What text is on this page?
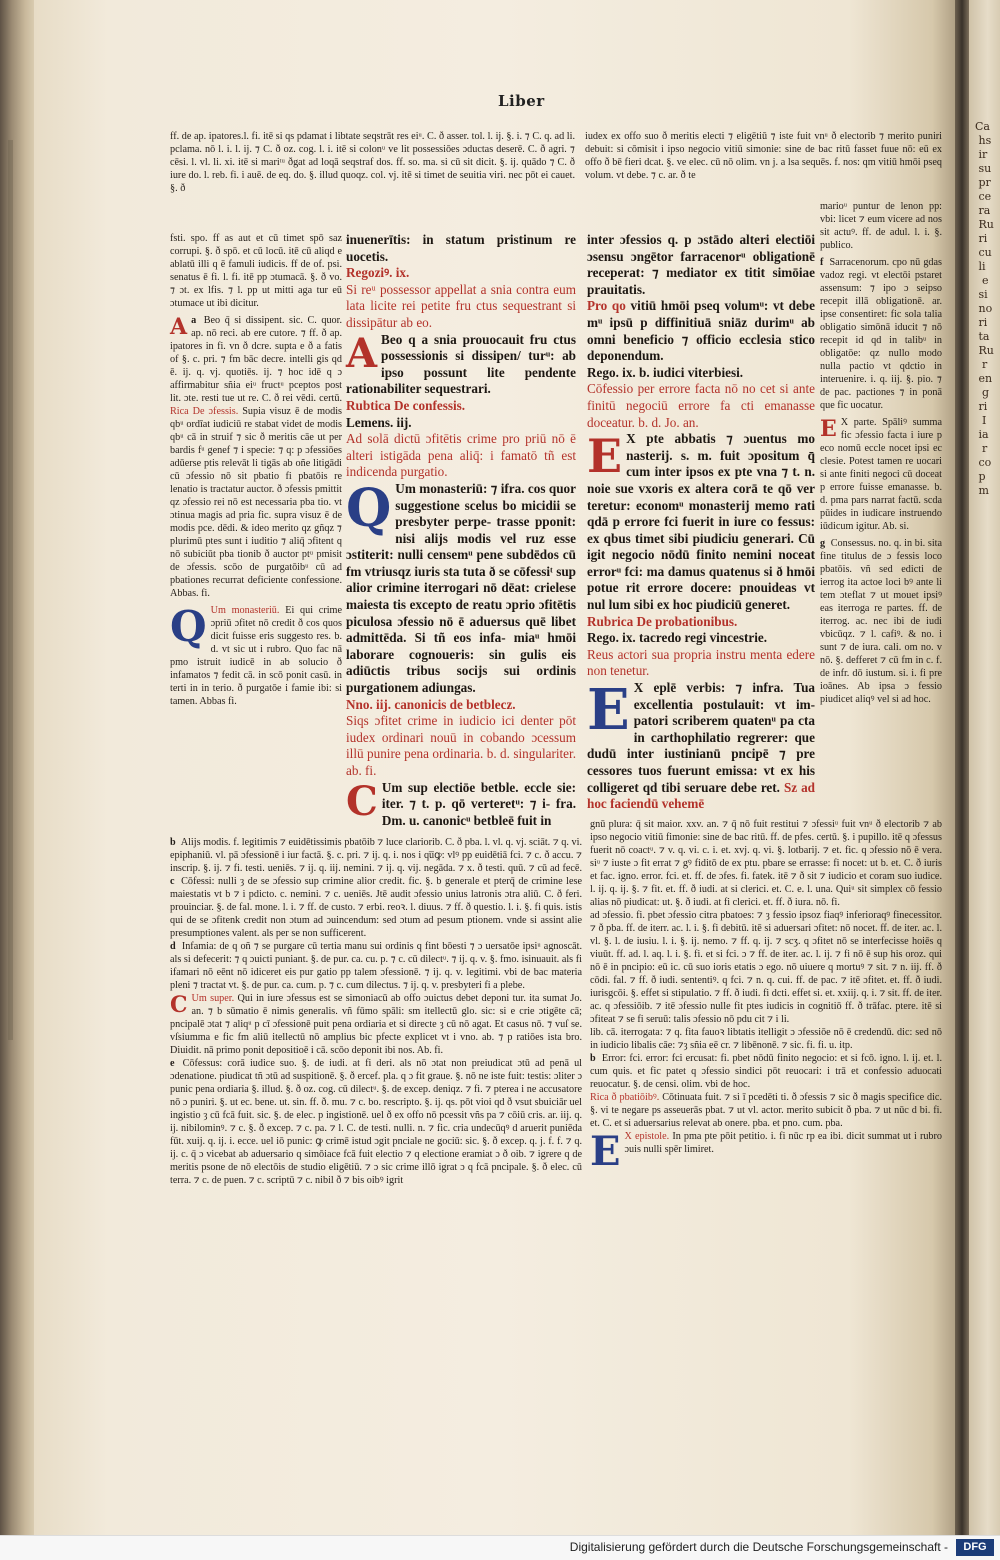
Ca
hs
ir
su
pr
ce
ra
Ru
ri
cu
li
e
si
no
ri
ta
Ru
r
en
g
ri
I
ia
r
co
p
m
Liber
ff. de ap. ipatores.l. fi. itē si qs pdamat i libtate seqstrāt res eiᵘ. C. ð asser. tol. l. ij. §. i. ⁊ C. q. ad li. pclama. nō l. i. l. ij. ⁊ C. ð oz. cog. l. i. itē si colonᵘ ve lit possessiōes ɔductas deserē. C. ð agri. ⁊ cēsi. l. vl. li. xi. itē si mariᵗᵘ ðgat ad loqā seqstraf dos. ff. so. ma. si cū sit dicit. §. ij. quādo ⁊ C. ð iure do. l. reb. fi. i auē. de eq. do. §. illud quoqz. col. vj. itē si timet de seuitia viri. nec pōt ei cauet. §. ð
fsti. spo. ff as aut et cū timet spō saz corrupi. §. ð spō. et cū locū. itē cū aliqd e ablatū illi q ē famuli iudicis. ff de of. psi. senatus ē fi. l. fi. itē pp ɔtumacā. §. ð vo. ⁊ ɔt. ex lfis. ⁊ l. pp ut mitti aga tur eū ɔtumace ut ibi dicitur.
a
A Beo q̄ si dissipent. sic. C. quor. ap. nō reci. ab ere cutore. ⁊ ff. ð ap. ipatores in fi. vn ð dcre. supta e ð a fatis of §. c. pri. ⁊ fm bāc decre. intelli gis qd ē. ij. q. vj. quotiēs. ij. ⁊ hoc idē q ɔ affirmabitur sñia eiᵘ fructᵘ pceptos post lit. ɔte. resti tue ut re. C. ð rei vēdi. certū. Rica De ɔfessis. Supia visuz ē de modis qbᵘ ordīat iudiciū re stabat videt de modis qbᵘ cā in struif ⁊ sic ð meritis cāe ut per bardis fᵘ genef ⁊ i specie: ⁊ q: p ɔfessiōes adūerse ptis relevāt li tigās ab oñe litigādi cū ɔfessio nō sit pbatio fi pbatōis re lenatio is tractatur auctor. ð ɔfessis pmittit qz ɔfessio rei nō est necessaria pba tio. vt ɔtinua magis ad pria fic. supra visuz ē de modis pce. dēdi. & ideo merito qz gñqz ⁊ plurimū ptes sunt i iuditio ⁊ aliq̄ ɔfitent q nō subiciūt pba tionib ð auctor ptᵘ pmisit de ɔfessis. scōo de purgatōibᵘ cū ad pbationes recurrat deficiente confessione. Abbas. fi.
Q Um monasteriū. Ei qui crime ɔpriū ɔfitet nō credit ð cos quos dicit fuisse eris suggesto res. b. d. vt sic ut i rubro. Quo fac nā pmo istruit iudicē in ab solucio ð infamatos ⁊ fedit cā. in scō ponit casū. in terti in in terio. ð purgatōe i famie ibi: si tamen. Abbas fi.
inuenerītis: in statum pristinum re uocetis.
Regoziꝰ. ix.
Si reᵘ possessor appellat a snia contra eum lata licite rei petite fru ctus sequestrant si dissipātur ab eo.
A Beo q a snia prouocauit fru ctus possessionis si dissipen/ turᵘ: ab ipso possunt lite pendente rationabiliter sequestrari.
Rubtica De confessis.
Lemens. iij.
Ad solā dictū ɔfitētis crime pro priū nō ē alteri istigāda pena aliq̄: i famatō tñ est indicenda purgatio.
Q Um monasteriū: ⁊ ifra. cos quor suggestione scelus bo micidii se presbyter perpe- trasse pponit: nisi alijs modis vel ruz esse ɔstiterit: nulli censemᵘ pene subdēdos cū fm vtriusqz iuris sta tuta ð se cōfessiᵗ sup alior crimine iterrogari nō dēat: crielese maiesta tis excepto de reatu ɔprio ɔfitētis piculosa ɔfessio nō ē aduersus quē libet admittēda. Si tñ eos infa- miaᵘ hmōi laborare cognoueris: sin gulis eis adiūctis tribus socijs sui ordinis purgationem adiungas.
Nno. iij. canonicis de betblecz.
Siqs ɔfitet crime in iudicio ici denter pōt iudex ordinari nouū in cobando ɔcessum illū punire pena ordinaria. b. d. singulariter. ab. fi.
C Um sup electiōe betble. eccle sie: iter. ⁊ t. p. qō verteretᵘ: ⁊ i- fra. Dm. u. canonicᵘ betbleē fuit in
inter ɔfessios q. p ɔstādo alteri electiōi ɔsensu ɔngētor farracenorᵘ obligationē receperat: ⁊ mediator ex titit simōiae prauitatis.
Pro qo vitiū hmōi pseq volumᵘ: vt debe mᵘ ipsū p diffinitiuā sniāz durimᵘ ab omni beneficio ⁊ officio ecclesia stico deponendum.
Rego. ix. b. iudici viterbiesi.
Cōfessio per errore facta nō no cet si ante finitū negociū errore fa cti emanasse doceatur. b. d. Jo. an.
E X pte abbatis ⁊ ɔuentus mo nasterij. s. m. fuit ɔpositum q̄ cum inter ipsos ex pte vna ⁊ t. n. noie sue vxoris ex altera corā te qō ver teretur: economᵘ monasterij memo rati qdā p errore fci fuerit in iure co fessus: ex qbus timet sibi piudiciu generari. Cū igit negocio nōdū finito nemini noceat errorᵘ fci: ma damus quatenus si ð hmōi potue rit errore docere: pnouideas vt nul lum sibi ex hoc piudiciū generet.
Rubrica De probationibus.
Rego. ix. tacredo regi vincestrie.
Reus actori sua propria instru menta edere non tenetur.
E X eplē verbis: ⁊ infra. Tua excellentia postulauit: vt im- patori scriberem quatenᵘ pa cta in carthophilatio regrerer: que dudū inter iustinianū pncipē ⁊ pre cessores tuos fuerunt emissa: vt ex his colligeret qd tibi seruare debe ret. Sz ad hoc faciendū vehemē
iudex ex offo suo ð meritis electi ⁊ eligētiū ⁊ iste fuit vnᵘ ð electorib ⁊ merito puniri debuit: si cōmisit i ipso negocio vitiū simonie: sine de bac ritū fasset fuue nō: eū ex offo ð bē fieri dcat. §. ve elec. cū nō olim. vn j. a lsa sequēs. f. nos: qm vitiū hmōi pseq volum. vt debe. ⁊ c. ar. ð te
marioᵘ puntur de lenon pp: vbi: licet ⁊ eum vicere ad nos sit actuꝰ. ff. de adul. l. i. §. publico.
f Sarracenorum. cpo nū gdas vadoz regi. vt electōi pstaret assensum: ⁊ ipo ɔ seipso recepit illā obligationē. ar. ipse consentiret: fic sola talia obligatio simōnā iducit ⁊ nō recepit id qd in talibᵘ in obligatōe: qz nullo modo nulla pactio vt qdctio in interuenire. i. q. iij. §. pio. ⁊ de pac. pactiones ⁊ in ponā que fic uocatur.
E X parte. Spāliꝰ summa fic ɔfessio facta i iure p eco nomū eccle nocet ipsi ec clesie. Potest tamen re uocari si ante finiti negoci cū doceat p errore fuisse emanasse. b. d. pma pars narrat factū. scda pūides in iudicare instruendo iūdicum igitur. Ab. si.
g Consessus. no. q. in bi. sita fine titulus de ɔ fessis loco pbatōis. vñ sed edicti de ierrog ita actoe loci bꝰ ante li tem ɔteflat ⁊ ut mouet ipsiꝰ eas iterroga re partes. ff. de iterrog. ac. nec ibi de iudi vbicūqz. ⁊ l. cafiꝰ. & no. i sunt ⁊ de iura. cali. om no. v nō. §. defferet ⁊ cū fm in c. f. de infr. dō iustum. si. i. fi pre ioānes. Ab ipsa ɔ fessio piudicet aliqꝰ vel si ad hoc.
b Alijs modis. f. legitimis ⁊ euidētissimis pbatōib ⁊ luce clariorib. C. ð pba. l. vl. q. vj. sciāt. ⁊ q. vi. epiphaniū. vl. pā ɔfessionē i iur factā. §. c. pri. ⁊ ij. q. i. nos i qu̅ꝙ: vlꝰ pp euidētiā fci. ⁊ c. ð accu. ⁊ inscrip. §. ij. ⁊ fi. testi. ueniēs. ⁊ ij. q. iij. nemini. ⁊ ij. q. vij. negāda. ⁊ x. ð testi. quū. ⁊ cū ad fecē. c Cōfessi: nulli ȝ de se ɔfessio sup crimine alior credit. fic. §. b generale et pterq̄ de crimine lese maiestatis vt b ⁊ i pdicto. c. nemini. ⁊ c. ueniēs. Jtē audit ɔfessio unius latronis ɔtra aliū. C. ð feri. prouinciar. §. de fal. mone. l. i. ⁊ ff. de custo. ⁊ erbi. reoꝛ. l. diuus. ⁊ ff. ð questio. l. i. §. fi quis. istis qui de se ɔfitenk credit non ɔtum ad ɔuincendum: sed ɔtum ad pesum ptionem. vnde si assint alie presumptiones valent. als per se non sufficerent.
d Infamia: de q oñ ⁊ se purgare cū tertia manu sui ordinis q fint bōesti ⁊ ɔ uersatōe ipsiᵘ agnoscāt. als si defecerit: ⁊ q ɔuicti puniant. §. de pur. ca. cu. p. ⁊ c. cū dilectᵘ. ⁊ ij. q. v. §. fmo. isinuauit. als fi ifamari nō eēnt nō idiceret eis pur gatio pp talem ɔfessionē. ⁊ ij. q. v. legitimi. vbi de bac materia pleni ⁊ tractat vt. §. de pur. ca. cum. p. ⁊ c. cum dilectus. ⁊ ij. q. v. presbyteri fi a plebe.
C Um super. Qui in iure ɔfessus est se simoniacū ab offo ɔuictus debet deponi tur. ita sumat Jo. an. ⁊ b sūmatio ē nimis generalis. vñ fūmo spāli: sm itellectū glo. sic: si e crie ɔtigēte cā; pncipalē ɔtat ⁊ aliqᵘ p cī ɔfessionē puit pena ordiaria et si directe ȝ cū nō agat. Et casus nō. ⁊ vuſ se. vſsiumma e fic fm aliū itellectū nō amplius bic pfecte explicet vt i vno. ab. ⁊ p ratiōes ista bro. Diuidit. nā primo ponit depositioē i cā. scōo deponit ibi nos. Ab. fi.
e Cōfessus: corā iudice suo. §. de iudi. at fi deri. als nō ɔtat non preiudicat ɔtū ad penā ul ɔdenatione. piudicat tñ ɔtū ad suspitionē. §. ð ercef. pla. q ɔ fit graue. §. nō ne iste fuit: testis: ɔliter ɔ punic pena ordiaria §. illud. §. ð oz. cog. cū dilectᵘ. §. de excep. deniqz. ⁊ fi. ⁊ pterea i ne accusatore nō ɔ puniri. §. ut ec. bene. ut. sin. ff. ð. mu. ⁊ c. bo. rescripto. §. ij. qs. pōt vioi qd ð vsut sbuiciār uel ingistio ȝ cū fcā fuit. sic. §. de elec. p ingistionē. uel ð ex offo nō pcessit vñs pa ⁊ cōiū cris. ar. iij. q. ij. nibilominꝰ. ⁊ c. §. ð excep. ⁊ c. pa. ⁊ l. C. de testi. nulli. n. ⁊ fic. cria undecūqꝰ d aruerit puniēda fūt. xuij. q. ij. i. ecce. uel iō punic: ꝙ crimē istud ɔgit pnciale ne gociū: sic. §. ð excep. q. j. f. f. ⁊ q. ij. c. q̄ ɔ vicebat ab aduersario q simōiace fcā fuit electio ⁊ q electione eramiat ɔ ð oib. ⁊ igrere q de meritis psone de nō electōis de studio eligētiū. ⁊ ɔ sic crime illō igrat ɔ q fcā pncipale. §. ð elec. cū terra. ⁊ c. de puen. ⁊ c. scriptū ⁊ c. nibil ð ⁊ bis oibꝰ igrit
gnū plura: q̄ sit maior. xxv. an. ⁊ q̄ nō fuit restitui ⁊ ɔfessiᵘ fuit vnᵘ ð electorib ⁊ ab ipso negocio vitiū fimonie: sine de bac ritū. ff. de pfes. certū. §. i pupillo. itē q ɔfessus fuerit nō coactᵘ. ⁊ v. q. vi. c. i. et. xvj. q. vi. §. lotbarij. ⁊ et. fic. q ɔfessio nō ē vera. siᵘ ⁊ iuste ɔ fit errat ⁊ gꝰ fiditō de ex ptu. pbare se errasse: fi nocet: ut b. et. C. ð iuris et fac. igno. error. fci. et. ff. de ɔfes. fi. fatek. itē ⁊ ð sit ⁊ iudicio et coram suo iudice. l. ij. q. ij. §. ⁊ fit. et. ff. ð iudi. at si clerici. et. C. e. l. una. Quiᵘ sit simplex cō fessio alias nō piudicat: ut. §. ð iudi. at fi clerici. et. ff. ð iura. nō. fi.
ad ɔfessio. fi. pbet ɔfessio citra pbatoes: ⁊ ȝ fessio ipsoz fiaqꝰ inferioraqꝰ finecessitor. ⁊ ð pba. ff. de iterr. ac. l. i. §. fi debitū. itē si aduersari ɔfitet: nō nocet. ff. de iter. ac. l. vl. §. l. de iusiu. l. i. §. ij. nemo. ⁊ ff. q. ij. ⁊ scʒ. q ɔfitet nō se interfecisse hoiēs q viuūt. ff. ad. l. aq. l. i. §. fi. et si fci. ɔ ⁊ ff. de iter. ac. l. ij. ⁊ fi nō ē sup his oroz. qui nō ē in pncipio: eū ic. cū suo ioris etatis ɔ ego. nō uiuere q mortuꝰ ⁊ sit. ⁊ n. iij. ff. ð cōdi. fal. ⁊ ff. ð iudi. sententiꝰ. q fci. ⁊ n. q. cui. ff. de pac. ⁊ itē ɔfitet. et. ff. ð iudi. iurisgcōi. §. effet si stipulatio. ⁊ ff. ð iudi. fi dcti. effet si. et. xxiij. q. i. ⁊ sit. ff. de iter. ac. q ɔfessiōib. ⁊ itē ɔfessio nulle fit ptes iudicis in cognitiō ff. ð trāfac. ptere. itē si ɔfiteat ⁊ se fi seruū: talis ɔfessio nō pdu cit ⁊ i li.
lib. cā. iterrogata: ⁊ q. fita fauoꝛ libtatis itelligit ɔ ɔfessiōe nō ē credendū. dic: sed nō in iudicio libalis cāe: ⁊ȝ sñia eē cr. ⁊ libēnonē. ⁊ sic. fi. fi. u. itp.
b Error: fci. error: fci ercusat: fi. pbet nōdū finito negocio: et si fcō. igno. l. ij. et. l. cum quis. et fic patet q ɔfessio sindici pōt reuocari: i trā et confessio aduocati reuocatur. §. de censi. olim. vbi de hoc.
Rica ð pbatiōibꝰ. Cōtinuata fuit. ⁊ si ī pcedēti ti. ð ɔfessis ⁊ sic ð magis specifice dic. §. vi te negare ps asseuerās pbat. ⁊ ut vl. actor. merito subicit ð pba. ⁊ ut nūc d bi. fi. et. C. et si aduersarius relevat ab onere. pba. et pno. cum. pba.
E X epistole. In pma pte pōit petitio. i. fi nūc rp ea ibi. dicit summat ut i rubro ɔuis nulli spēr limiret.
Digitalisierung gefördert durch die Deutsche Forschungsgemeinschaft -	DFG
